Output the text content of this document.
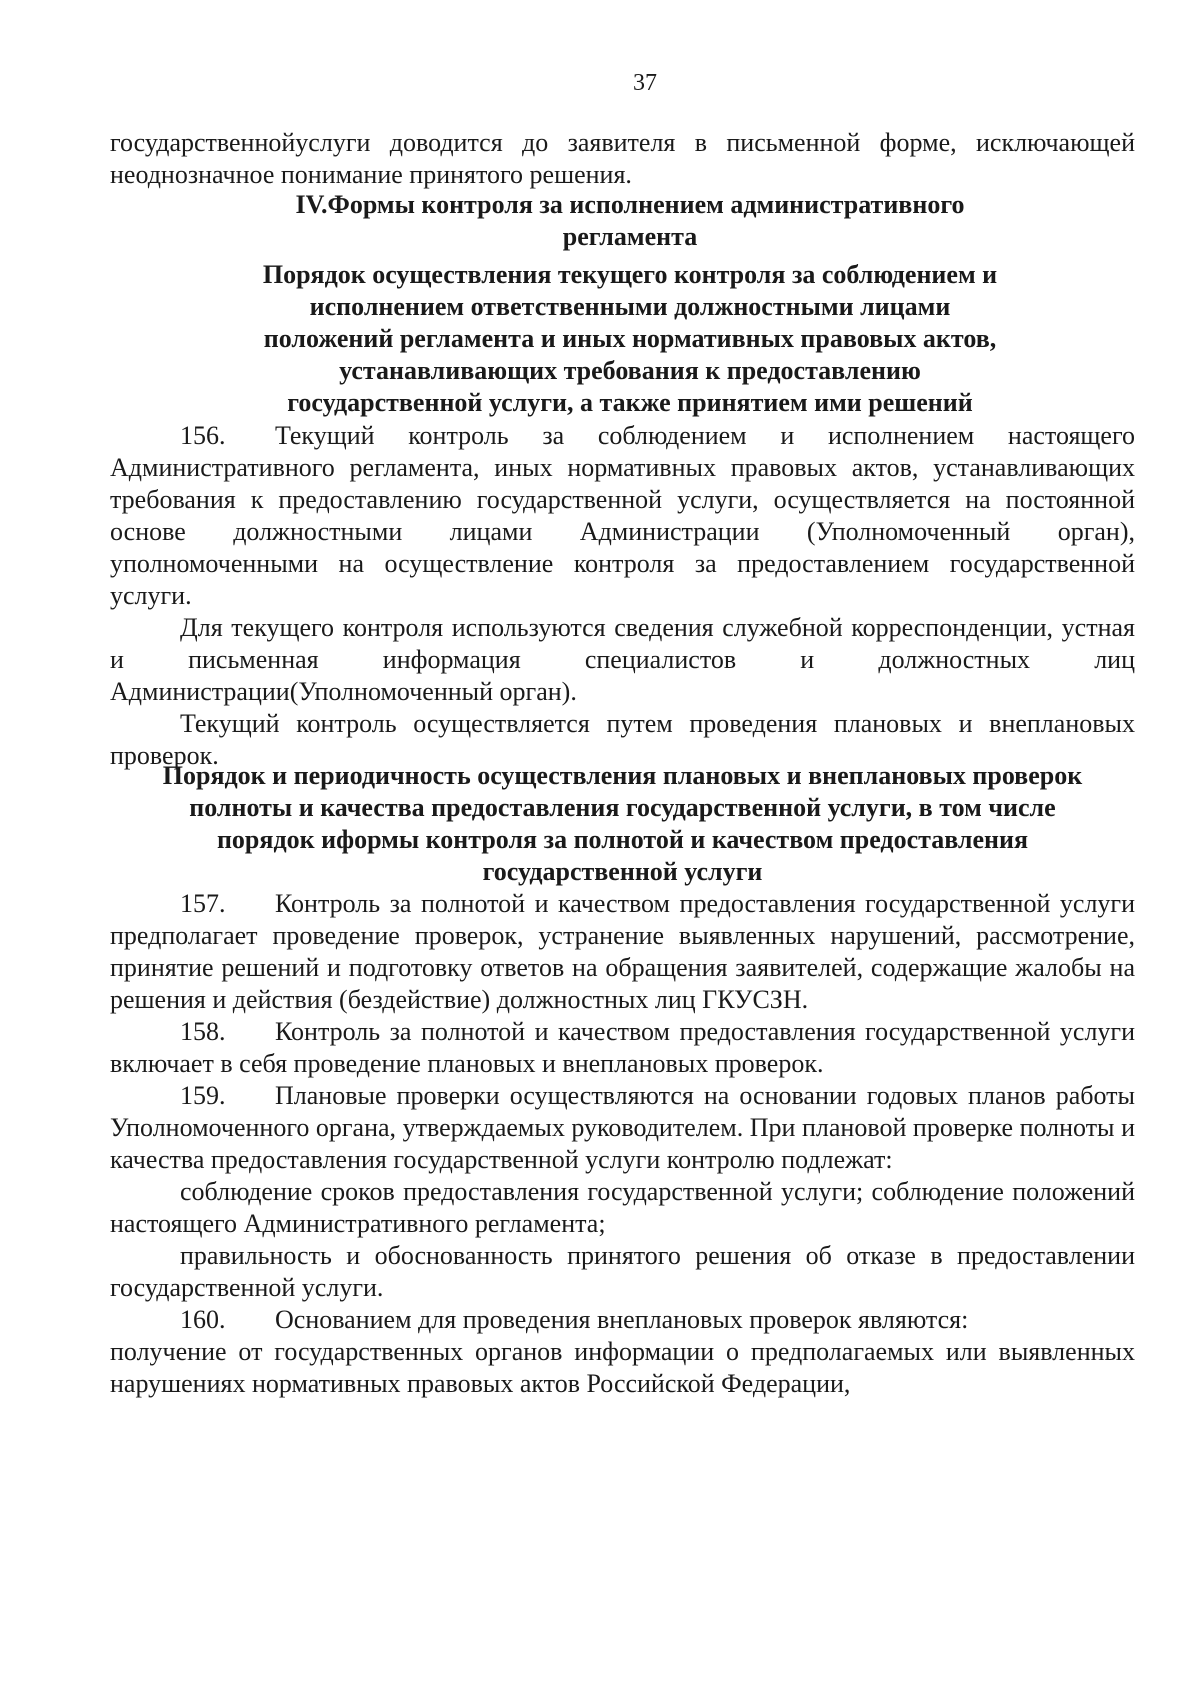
37
государственнойуслуги доводится до заявителя в письменной форме, исключающей неоднозначное понимание принятого решения.
IV.Формы контроля за исполнением административного
регламента
Порядок осуществления текущего контроля за соблюдением и
исполнением ответственными должностными лицами
положений регламента и иных нормативных правовых актов,
устанавливающих требования к предоставлению
государственной услуги, а также принятием ими решений
156. Текущий контроль за соблюдением и исполнением настоящего Административного регламента, иных нормативных правовых актов, устанавливающих требования к предоставлению государственной услуги, осуществляется на постоянной основе должностными лицами Администрации (Уполномоченный орган), уполномоченными на осуществление контроля за предоставлением государственной услуги.
Для текущего контроля используются сведения служебной корреспонденции, устная и письменная информация специалистов и должностных лиц Администрации(Уполномоченный орган).
Текущий контроль осуществляется путем проведения плановых и внеплановых проверок.
Порядок и периодичность осуществления плановых и внеплановых проверок
полноты и качества предоставления государственной услуги, в том числе
порядок иформы контроля за полнотой и качеством предоставления
государственной услуги
157. Контроль за полнотой и качеством предоставления государственной услуги предполагает проведение проверок, устранение выявленных нарушений, рассмотрение, принятие решений и подготовку ответов на обращения заявителей, содержащие жалобы на решения и действия (бездействие) должностных лиц ГКУСЗН.
158. Контроль за полнотой и качеством предоставления государственной услуги включает в себя проведение плановых и внеплановых проверок.
159. Плановые проверки осуществляются на основании годовых планов работы Уполномоченного органа, утверждаемых руководителем. При плановой проверке полноты и качества предоставления государственной услуги контролю подлежат:
соблюдение сроков предоставления государственной услуги; соблюдение положений настоящего Административного регламента;
правильность и обоснованность принятого решения об отказе в предоставлении государственной услуги.
160. Основанием для проведения внеплановых проверок являются:
получение от государственных органов информации о предполагаемых или выявленных нарушениях нормативных правовых актов Российской Федерации,
